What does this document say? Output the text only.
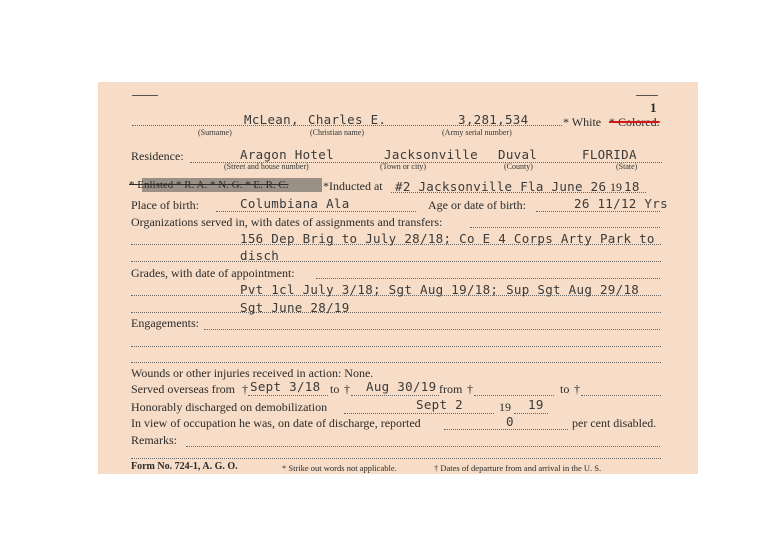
1
McLean, Charles E.	3,281,534	* White * Colored.
(Surname)	(Christian name)	(Army serial number)
Residence:	Aragon Hotel	Jacksonville Duval	FLORIDA
(Street and house number)	(Town or city)	(County)	(State)
* Enlisted * R. A. * N. G. * E. R. C.	*Inducted at #2 Jacksonville Fla June 26 19 18
Place of birth:	Columbiana Ala	Age or date of birth:	26 11/12 Yrs
Organizations served in, with dates of assignments and transfers:
156 Dep Brig to July 28/18; Co E 4 Corps Arty Park to
disch
Grades, with date of appointment:
Pvt 1cl July 3/18; Sgt Aug 19/18; Sup Sgt Aug 29/18
Sgt June 28/19
Engagements:
Wounds or other injuries received in action: None.
Served overseas from † Sept 3/18 to † Aug 30/19 from †	to †
Honorably discharged on demobilization	Sept 2	19 19
In view of occupation he was, on date of discharge, reported	0	per cent disabled.
Remarks:
Form No. 724-1, A. G. O.	* Strike out words not applicable.	† Dates of departure from and arrival in the U. S.
